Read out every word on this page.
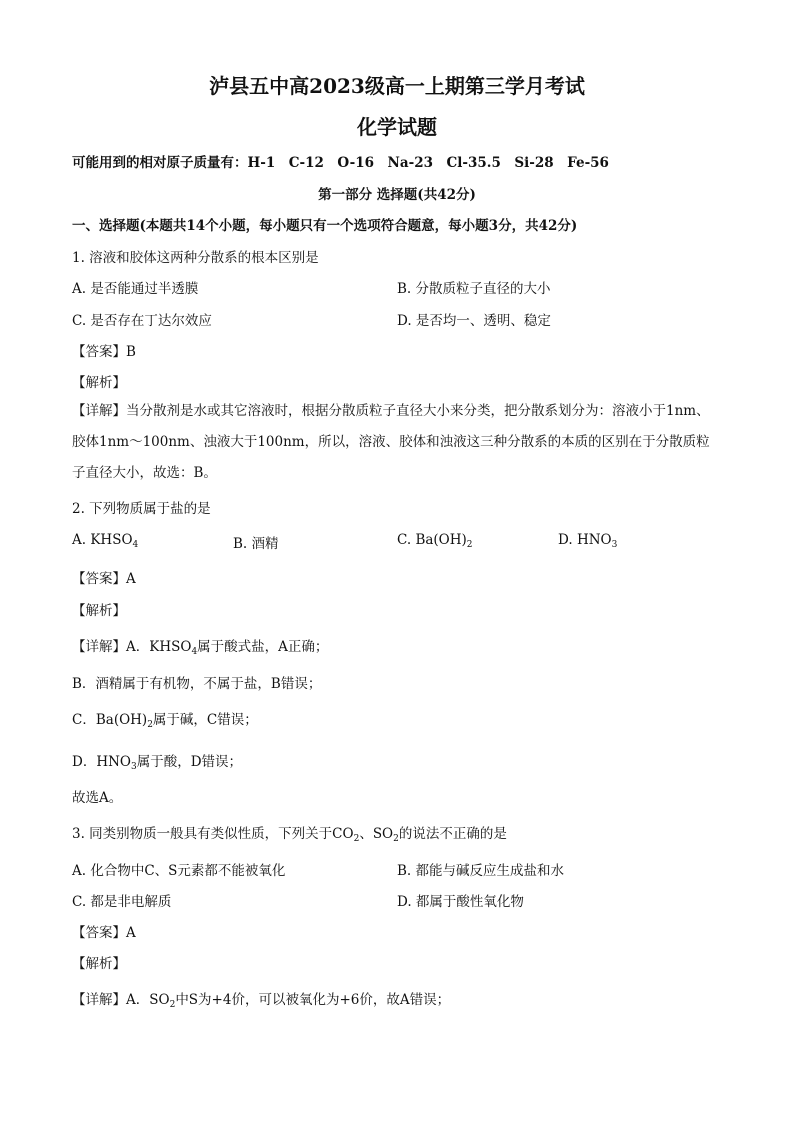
泸县五中高2023级高一上期第三学月考试
化学试题
可能用到的相对原子质量有：H-1　C-12　O-16　Na-23　Cl-35.5　Si-28　Fe-56
第一部分 选择题(共42分)
一、选择题(本题共14个小题，每小题只有一个选项符合题意，每小题3分，共42分)
1. 溶液和胶体这两种分散系的根本区别是
A. 是否能通过半透膜	B. 分散质粒子直径的大小
C. 是否存在丁达尔效应	D. 是否均一、透明、稳定
【答案】B
【解析】
【详解】当分散剂是水或其它溶液时，根据分散质粒子直径大小来分类，把分散系划分为：溶液小于1nm、胶体1nm～100nm、浊液大于100nm，所以，溶液、胶体和浊液这三种分散系的本质的区别在于分散质粒子直径大小，故选：B。
2. 下列物质属于盐的是
A. $KHSO_4$	B. 酒精	C. $Ba(OH)_2$	D. $HNO_3$
【答案】A
【解析】
【详解】A．$KHSO_4$属于酸式盐，A正确；
B．酒精属于有机物，不属于盐，B错误；
C．$Ba(OH)_2$属于碱，C错误；
D．$HNO_3$属于酸，D错误；
故选A。
3. 同类别物质一般具有类似性质，下列关于$CO_2$、$SO_2$的说法不正确的是
A. 化合物中C、S元素都不能被氧化	B. 都能与碱反应生成盐和水
C. 都是非电解质	D. 都属于酸性氧化物
【答案】A
【解析】
【详解】A．$SO_2$中S为+4价，可以被氧化为+6价，故A错误；
